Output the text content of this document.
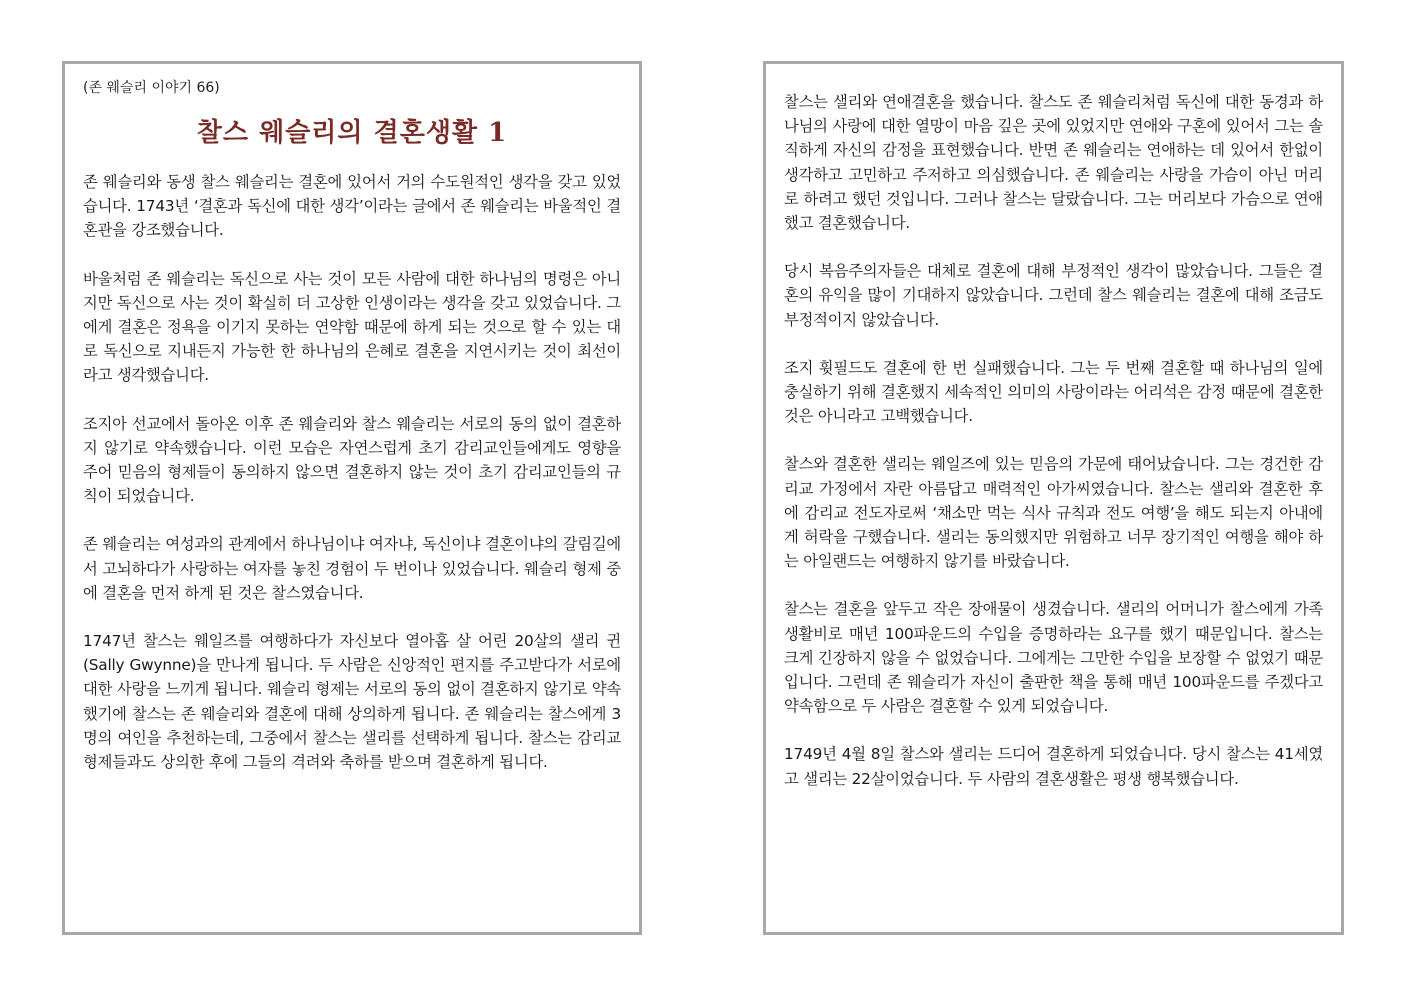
(존 웨슬리 이야기 66)

찰스 웨슬리의 결혼생활 1

존 웨슬리와 동생 찰스 웨슬리는 결혼에 있어서 거의 수도원적인 생각을 갖고 있었습니다. 1743년 ‘결혼과 독신에 대한 생각’이라는 글에서 존 웨슬리는 바울적인 결혼관을 강조했습니다.

바울처럼 존 웨슬리는 독신으로 사는 것이 모든 사람에 대한 하나님의 명령은 아니지만 독신으로 사는 것이 확실히 더 고상한 인생이라는 생각을 갖고 있었습니다. 그에게 결혼은 정욕을 이기지 못하는 연약함 때문에 하게 되는 것으로 할 수 있는 대로 독신으로 지내든지 가능한 한 하나님의 은혜로 결혼을 지연시키는 것이 최선이라고 생각했습니다.

조지아 선교에서 돌아온 이후 존 웨슬리와 찰스 웨슬리는 서로의 동의 없이 결혼하지 않기로 약속했습니다. 이런 모습은 자연스럽게 초기 감리교인들에게도 영향을 주어 믿음의 형제들이 동의하지 않으면 결혼하지 않는 것이 초기 감리교인들의 규칙이 되었습니다.

존 웨슬리는 여성과의 관계에서 하나님이냐 여자냐, 독신이냐 결혼이냐의 갈림길에서 고뇌하다가 사랑하는 여자를 놓친 경험이 두 번이나 있었습니다. 웨슬리 형제 중에 결혼을 먼저 하게 된 것은 찰스였습니다.

1747년 찰스는 웨일즈를 여행하다가 자신보다 열아홉 살 어린 20살의 샐리 귄(Sally Gwynne)을 만나게 됩니다. 두 사람은 신앙적인 편지를 주고받다가 서로에 대한 사랑을 느끼게 됩니다. 웨슬리 형제는 서로의 동의 없이 결혼하지 않기로 약속했기에 찰스는 존 웨슬리와 결혼에 대해 상의하게 됩니다. 존 웨슬리는 찰스에게 3명의 여인을 추천하는데, 그중에서 찰스는 샐리를 선택하게 됩니다. 찰스는 감리교 형제들과도 상의한 후에 그들의 격려와 축하를 받으며 결혼하게 됩니다.

찰스는 샐리와 연애결혼을 했습니다. 찰스도 존 웨슬리처럼 독신에 대한 동경과 하나님의 사랑에 대한 열망이 마음 깊은 곳에 있었지만 연애와 구혼에 있어서 그는 솔직하게 자신의 감정을 표현했습니다. 반면 존 웨슬리는 연애하는 데 있어서 한없이 생각하고 고민하고 주저하고 의심했습니다. 존 웨슬리는 사랑을 가슴이 아닌 머리로 하려고 했던 것입니다. 그러나 찰스는 달랐습니다. 그는 머리보다 가슴으로 연애했고 결혼했습니다.

당시 복음주의자들은 대체로 결혼에 대해 부정적인 생각이 많았습니다. 그들은 결혼의 유익을 많이 기대하지 않았습니다. 그런데 찰스 웨슬리는 결혼에 대해 조금도 부정적이지 않았습니다.

조지 휫필드도 결혼에 한 번 실패했습니다. 그는 두 번째 결혼할 때 하나님의 일에 충실하기 위해 결혼했지 세속적인 의미의 사랑이라는 어리석은 감정 때문에 결혼한 것은 아니라고 고백했습니다.

찰스와 결혼한 샐리는 웨일즈에 있는 믿음의 가문에 태어났습니다. 그는 경건한 감리교 가정에서 자란 아름답고 매력적인 아가씨였습니다. 찰스는 샐리와 결혼한 후에 감리교 전도자로써 ‘채소만 먹는 식사 규칙과 전도 여행’을 해도 되는지 아내에게 허락을 구했습니다. 샐리는 동의했지만 위험하고 너무 장기적인 여행을 해야 하는 아일랜드는 여행하지 않기를 바랐습니다.

찰스는 결혼을 앞두고 작은 장애물이 생겼습니다. 샐리의 어머니가 찰스에게 가족 생활비로 매년 100파운드의 수입을 증명하라는 요구를 했기 때문입니다. 찰스는 크게 긴장하지 않을 수 없었습니다. 그에게는 그만한 수입을 보장할 수 없었기 때문입니다. 그런데 존 웨슬리가 자신이 출판한 책을 통해 매년 100파운드를 주겠다고 약속함으로 두 사람은 결혼할 수 있게 되었습니다.

1749년 4월 8일 찰스와 샐리는 드디어 결혼하게 되었습니다. 당시 찰스는 41세였고 샐리는 22살이었습니다. 두 사람의 결혼생활은 평생 행복했습니다.
